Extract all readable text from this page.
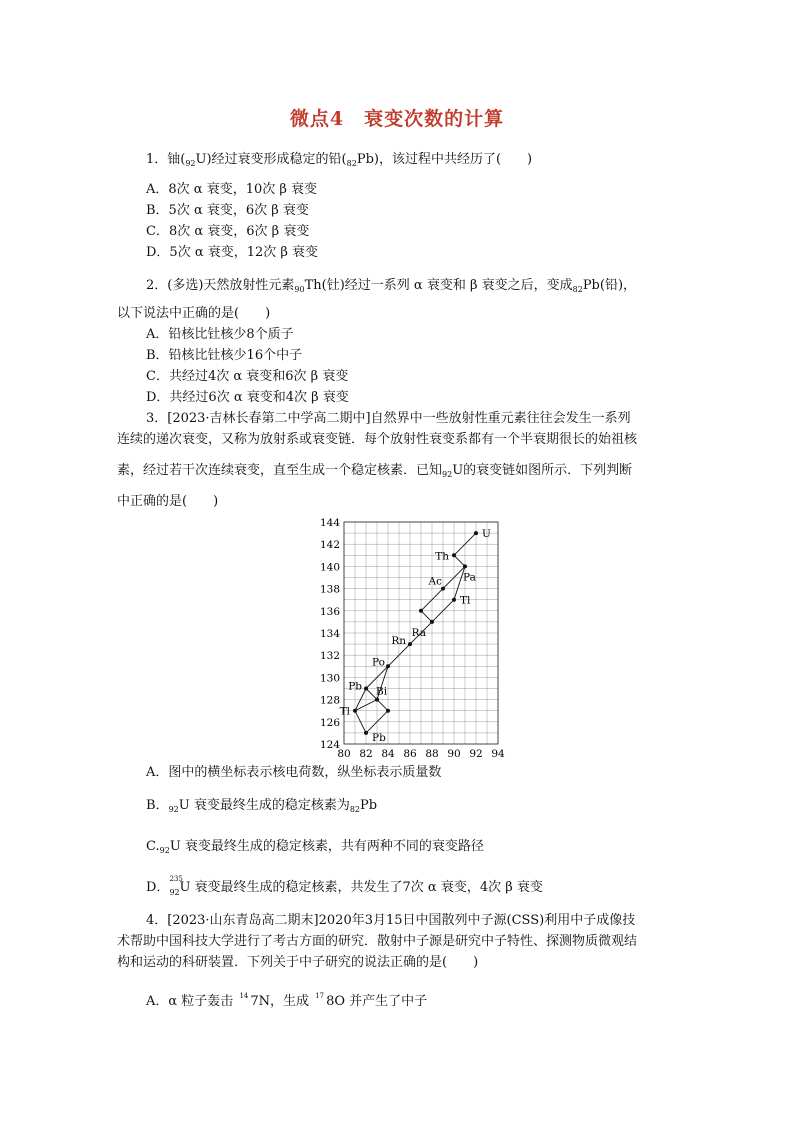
微点4　衰变次数的计算
1．铀$(_{92}U)$经过衰变形成稳定的铅$(_{82}Pb)$，该过程中共经历了(　　)
A．8次 α 衰变，10次 β 衰变
B．5次 α 衰变，6次 β 衰变
C．8次 α 衰变，6次 β 衰变
D．5次 α 衰变，12次 β 衰变
2．(多选)天然放射性元素$_{90}$Th(钍)经过一系列 α 衰变和 β 衰变之后，变成$_{82}$Pb(铅)，
以下说法中正确的是(　　)
A．铅核比钍核少8个质子
B．铅核比钍核少16个中子
C．共经过4次 α 衰变和6次 β 衰变
D．共经过6次 α 衰变和4次 β 衰变
3．[2023·吉林长春第二中学高二期中]自然界中一些放射性重元素往往会发生一系列
连续的递次衰变，又称为放射系或衰变链．每个放射性衰变系都有一个半衰期很长的始祖核
素，经过若干次连续衰变，直至生成一个稳定核素．已知$_{92}$U的衰变链如图所示．下列判断
中正确的是(　　)
80 82 84 86 88 90 92 94
124
126
128
130
132
134
136
138
140
142
144
U
Th
Pa
Ac
Tl
Ra
Rn
Po
Pb Bi
Tl
Pb
A．图中的横坐标表示核电荷数，纵坐标表示质量数
B．$_{92}$U 衰变最终生成的稳定核素为$_{82}$Pb
$C._{92}U$ 衰变最终生成的稳定核素，共有两种不同的衰变路径
D．
235
92 U 衰变最终生成的稳定核素，共发生了7次 α 衰变，4次 β 衰变
4．[2023·山东青岛高二期末]2020年3月15日中国散列中子源(CSS)利用中子成像技
术帮助中国科技大学进行了考古方面的研究．散射中子源是研究中子特性、探测物质微观结
构和运动的科研装置．下列关于中子研究的说法正确的是(　　)
A．α 粒子轰击 $^{14}$ 7N，生成 $^{17}$ 8O 并产生了中子
